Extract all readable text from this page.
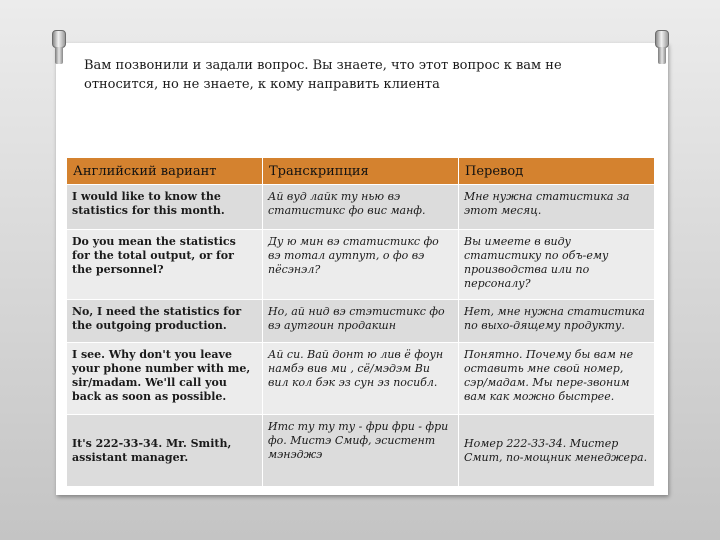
Вам позвонили и задали вопрос. Вы знаете, что этот вопрос к вам не
относится, но не знаете, к кому направить клиента
Английский вариант	Транскрипция	Перевод
I would like to know the statistics for this month.	Ай вуд лайк ту нью вэ статистикс фо вис манф.	Мне нужна статистика за этот месяц.
Do you mean the statistics for the total output, or for the personnel?	Ду ю мин вэ статистикс фо вэ тотал аутпут, о фо вэ пёсэнэл?	Вы имеете в виду статистику по объ-ему производства или по персоналу?
No, I need the statistics for the outgoing production.	Но, ай нид вэ стэтистикс фо вэ аутгоин продакшн	Нет, мне нужна статистика по выхо-дящему продукту.
I see. Why don't you leave your phone number with me, sir/madam. We'll call you back as soon as possible.	Ай си. Вай донт ю лив ё фоун намбэ вив ми , сё/мэдэм Ви вил кол бэк эз сун эз посибл.	Понятно. Почему бы вам не оставить мне свой номер, сэр/мадам. Мы пере-звоним вам как можно быстрее.
It's 222-33-34. Mr. Smith, assistant manager.	Итс ту ту ту - фри фри - фри фо. Мистэ Смиф, эсистент мэнэджэ	Номер 222-33-34. Мистер Смит, по-мощник менеджера.
